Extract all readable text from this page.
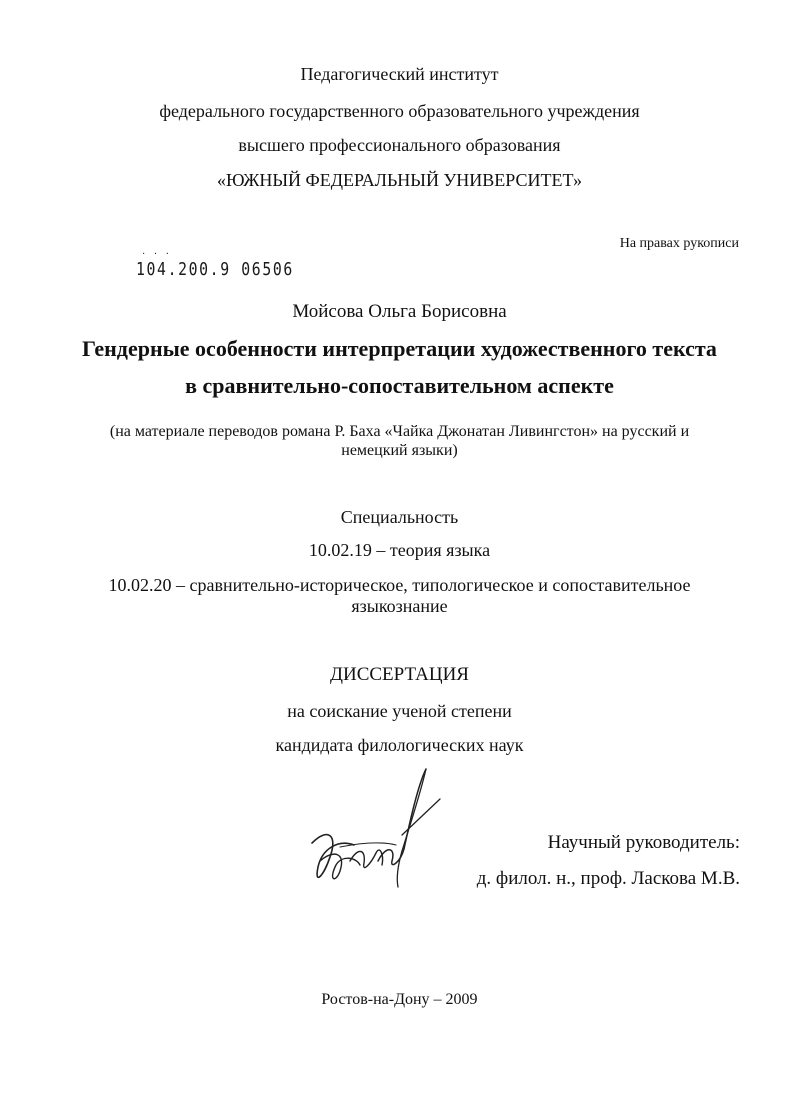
Педагогический институт
федерального государственного образовательного учреждения
высшего профессионального образования
«ЮЖНЫЙ ФЕДЕРАЛЬНЫЙ УНИВЕРСИТЕТ»
На правах рукописи
· · ·
104.200.9 06506
Мойсова Ольга Борисовна
Гендерные особенности интерпретации художественного текста
в сравнительно-сопоставительном аспекте
(на материале переводов романа Р. Баха «Чайка Джонатан Ливингстон» на русский и
немецкий языки)
Специальность
10.02.19 – теория языка
10.02.20 – сравнительно-историческое, типологическое и сопоставительное
языкознание
ДИССЕРТАЦИЯ
на соискание ученой степени
кандидата филологических наук
Научный руководитель:
д. филол. н., проф. Ласкова М.В.
Ростов-на-Дону – 2009
